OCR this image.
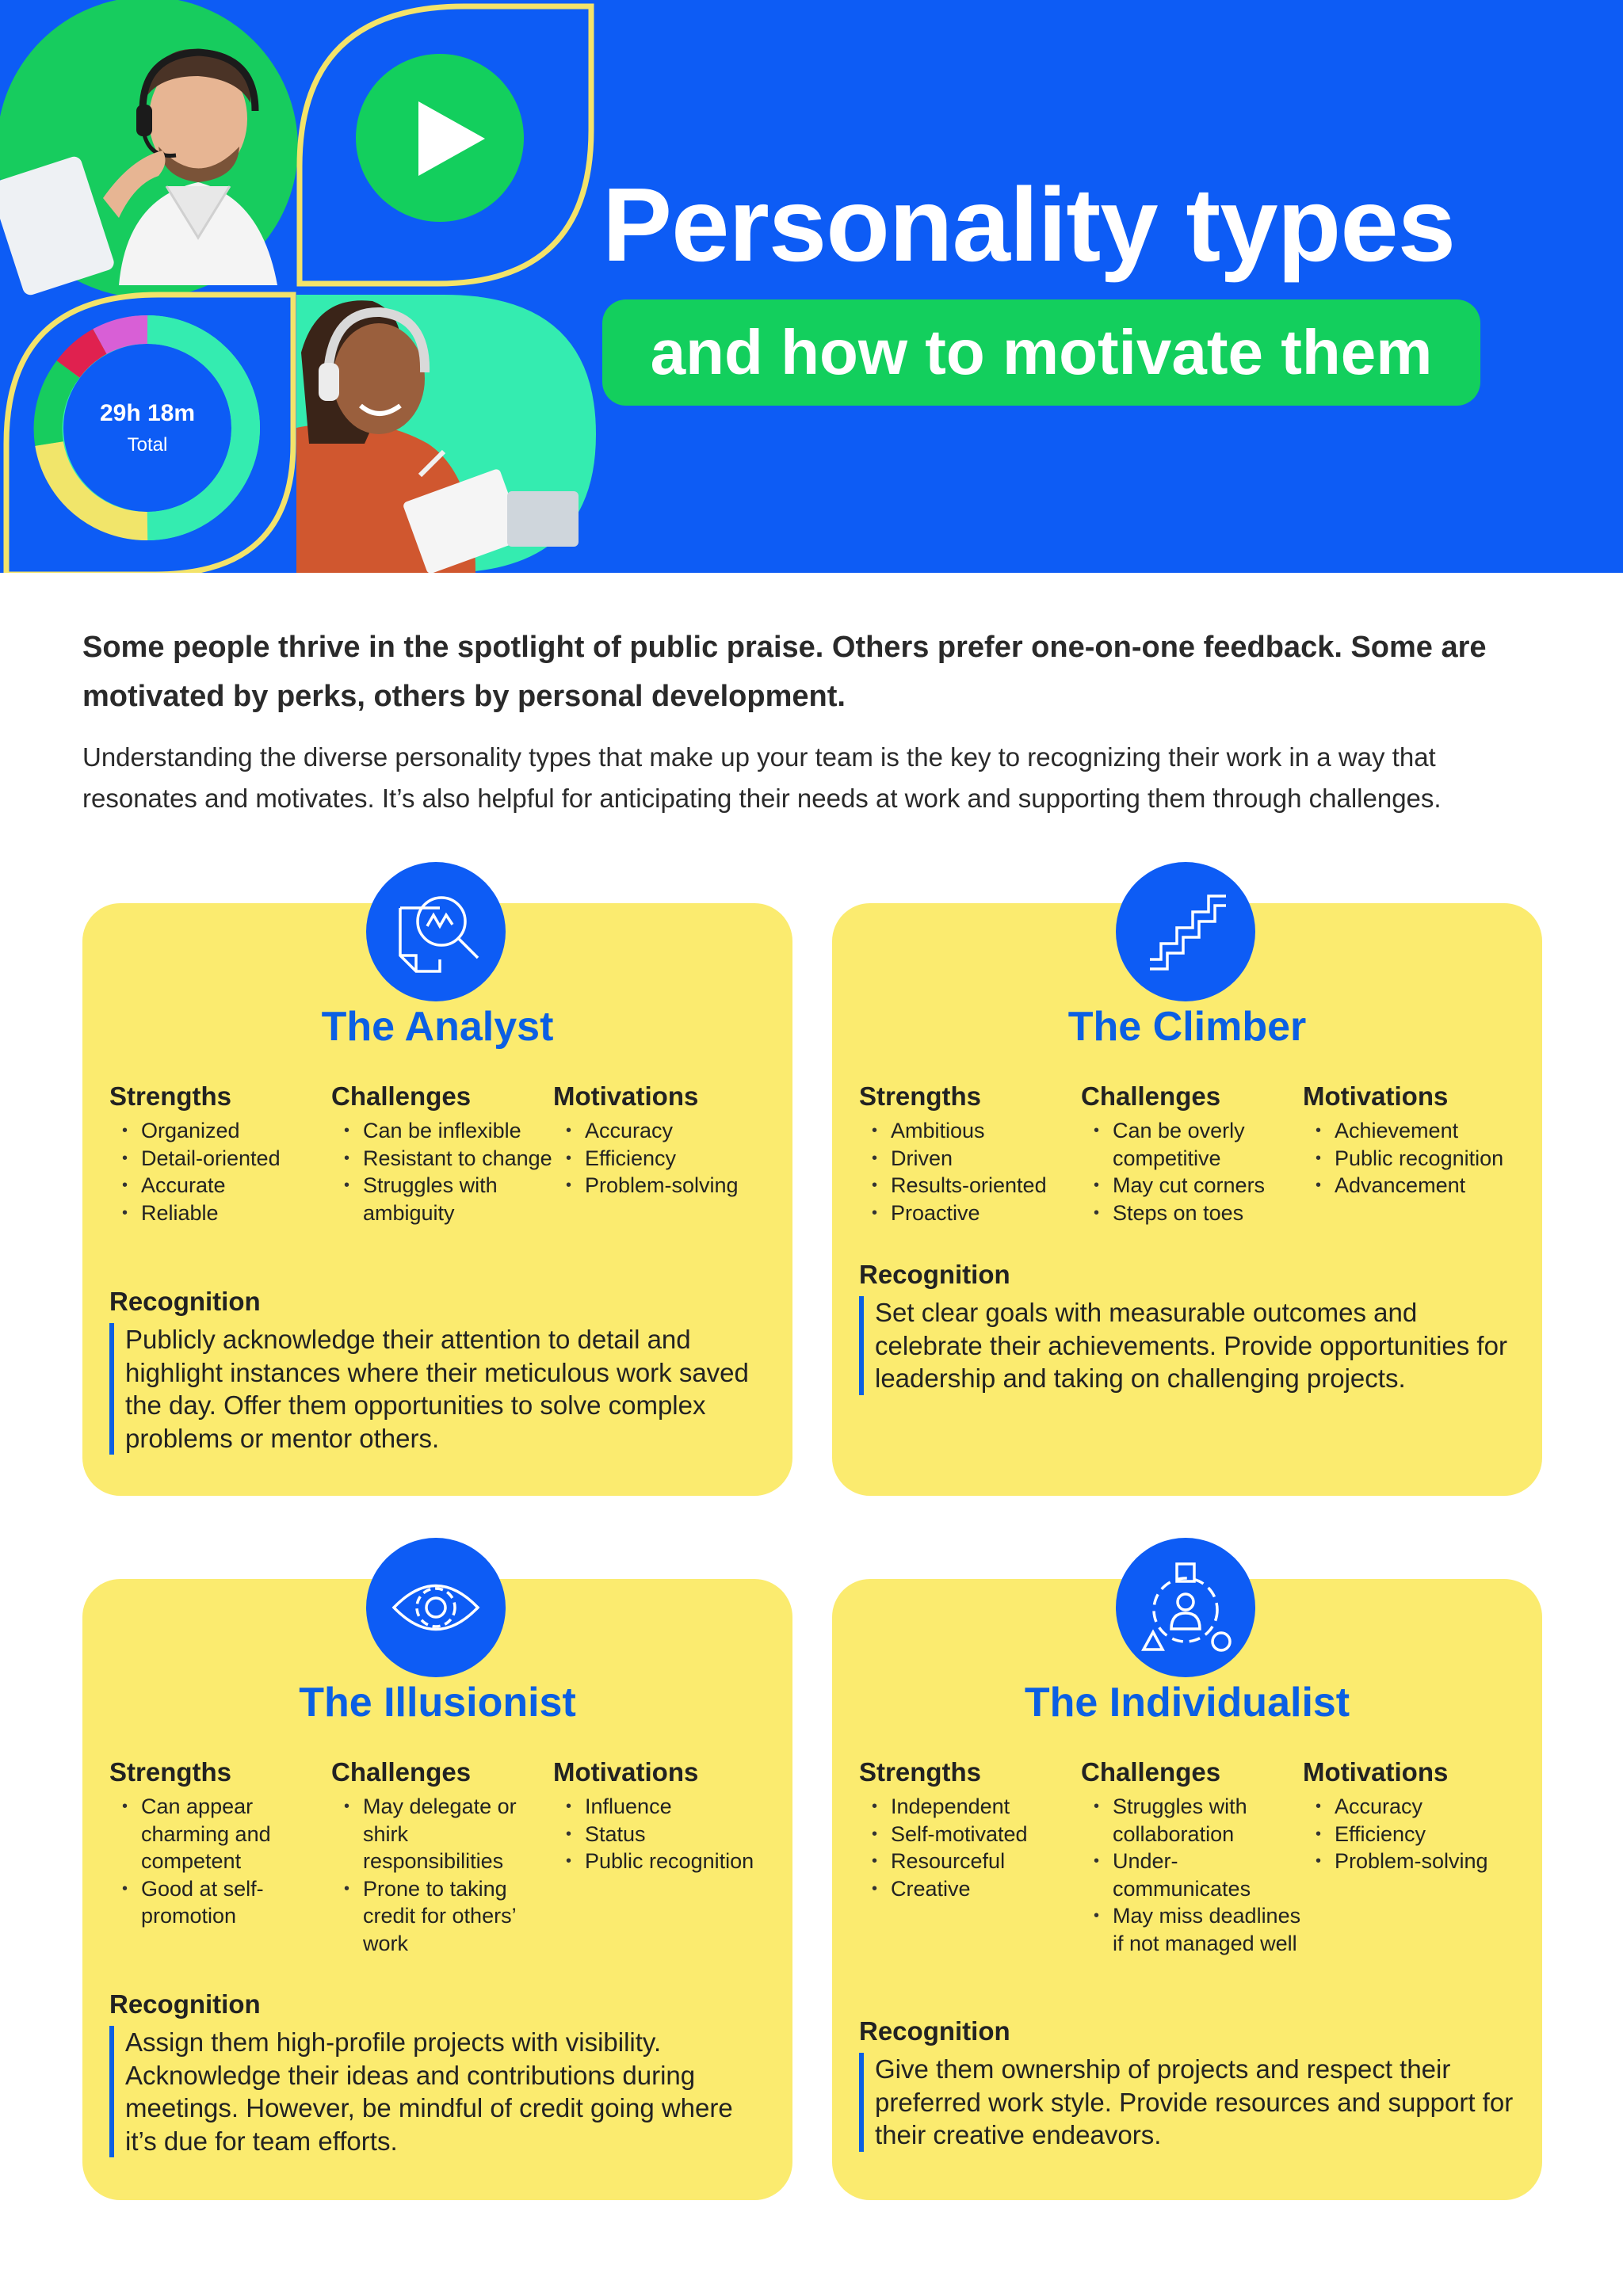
29h 18m
Total
Personality types
and how to motivate them
Some people thrive in the spotlight of public praise. Others prefer one-on-one feedback. Some are motivated by perks, others by personal development.
Understanding the diverse personality types that make up your team is the key to recognizing their work in a way that resonates and motivates. It’s also helpful for anticipating their needs at work and supporting them through challenges.
The Analyst
Strengths
• Organized
• Detail-oriented
• Accurate
• Reliable
Challenges
• Can be inflexible
• Resistant to change
• Struggles with ambiguity
Motivations
• Accuracy
• Efficiency
• Problem-solving
Recognition
Publicly acknowledge their attention to detail and highlight instances where their meticulous work saved the day. Offer them opportunities to solve complex problems or mentor others.
The Climber
Strengths
• Ambitious
• Driven
• Results-oriented
• Proactive
Challenges
• Can be overly competitive
• May cut corners
• Steps on toes
Motivations
• Achievement
• Public recognition
• Advancement
Recognition
Set clear goals with measurable outcomes and celebrate their achievements. Provide opportunities for leadership and taking on challenging projects.
The Illusionist
Strengths
• Can appear charming and competent
• Good at self-promotion
Challenges
• May delegate or shirk responsibilities
• Prone to taking credit for others’ work
Motivations
• Influence
• Status
• Public recognition
Recognition
Assign them high-profile projects with visibility. Acknowledge their ideas and contributions during meetings. However, be mindful of credit going where it’s due for team efforts.
The Individualist
Strengths
• Independent
• Self-motivated
• Resourceful
• Creative
Challenges
• Struggles with collaboration
• Under-communicates
• May miss deadlines if not managed well
Motivations
• Accuracy
• Efficiency
• Problem-solving
Recognition
Give them ownership of projects and respect their preferred work style. Provide resources and support for their creative endeavors.
